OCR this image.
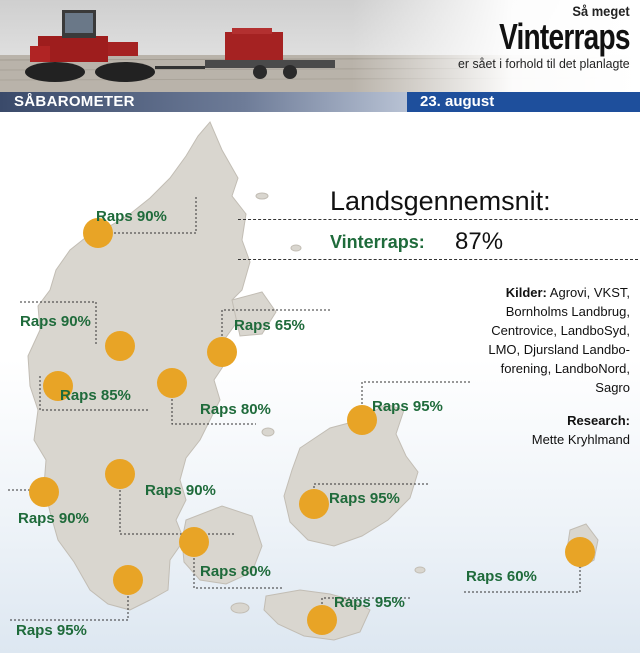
Så meget
Vinterraps
er sået i forhold til det planlagte
SÅBAROMETER	23. august
Raps 90%
Raps 90%	Raps 65%
Raps 85%
Raps 80%	Raps 95%
Raps 90%
Raps 90%
Raps 95%
Raps 80%	Raps 60%
Raps 95%
Raps 95%
Landsgennemsnit:
Vinterraps: 87%
Kilder: Agrovi, VKST, Bornholms Landbrug, Centrovice, LandboSyd, LMO, Djursland Landbo-forening, LandboNord, Sagro
Research:
Mette Kryhlmand
